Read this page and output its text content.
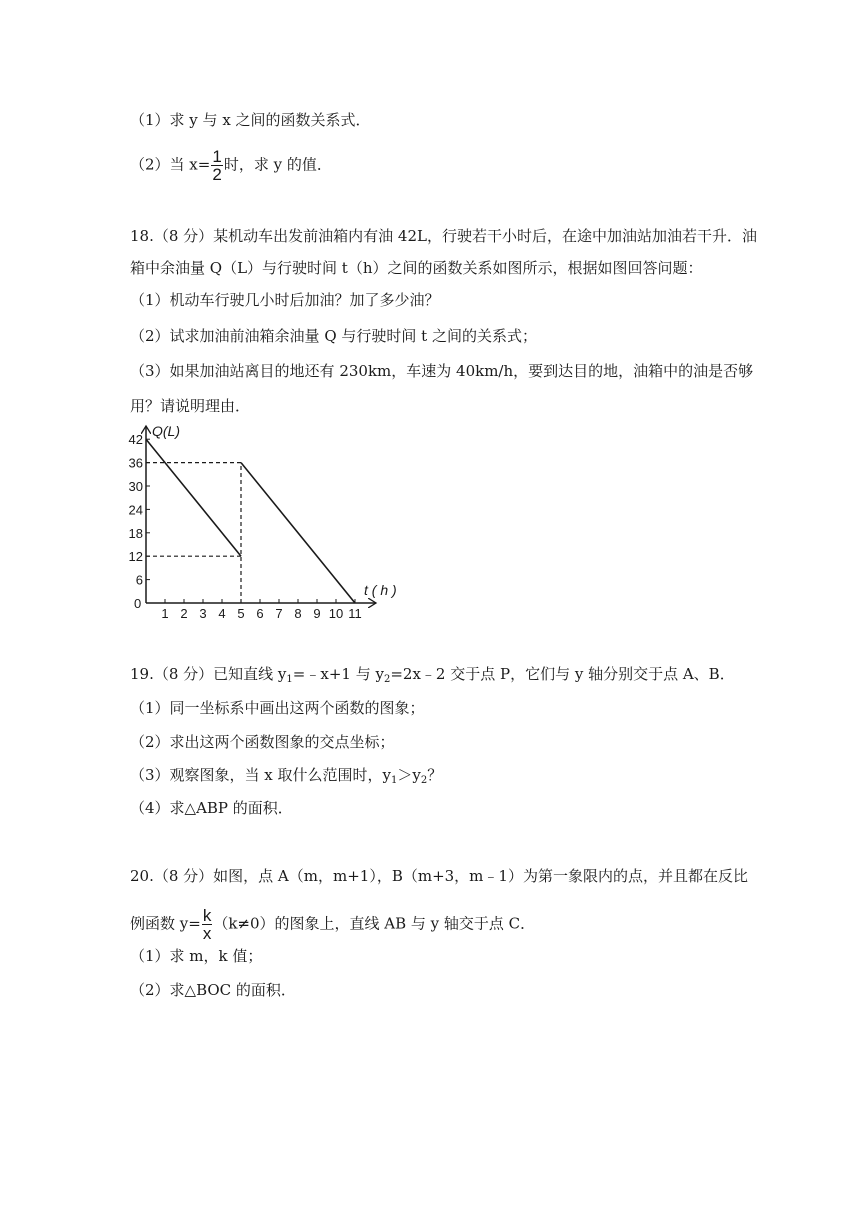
（1）求 y 与 x 之间的函数关系式．
（2）当 $x= \frac{1}{2}$ 时，求 y 的值．
18.（8 分）某机动车出发前油箱内有油 42L，行驶若干小时后，在途中加油站加油若干升．油
箱中余油量 Q（L）与行驶时间 t（h）之间的函数关系如图所示，根据如图回答问题：
（1）机动车行驶几小时后加油？加了多少油？
（2）试求加油前油箱余油量 Q 与行驶时间 t 之间的关系式；
（3）如果加油站离目的地还有 230km，车速为 40km/h，要到达目的地，油箱中的油是否够
用？请说明理由．
1 2 3 4 5 6 7 8 9 10 11
6
12
18
24
30
36
42
Q(L)
t ( h )
0
19.（8 分）已知直线 $y_1=﹣x+1$ 与 $y_2=2x﹣2$ 交于点 P，它们与 y 轴分别交于点 A、B．
（1）同一坐标系中画出这两个函数的图象；
（2）求出这两个函数图象的交点坐标；
（3）观察图象，当 x 取什么范围时，$y_1>y_2$？
（4）求△ABP 的面积．
20.（8 分）如图，点 A（m，m+1），B（m+3，m﹣1）为第一象限内的点，并且都在反比
例函数 $y= \frac{k}{x} (k\ne 0)$的图象上，直线 AB 与 y 轴交于点 C．
（1）求 m，k 值；
（2）求△BOC 的面积．
